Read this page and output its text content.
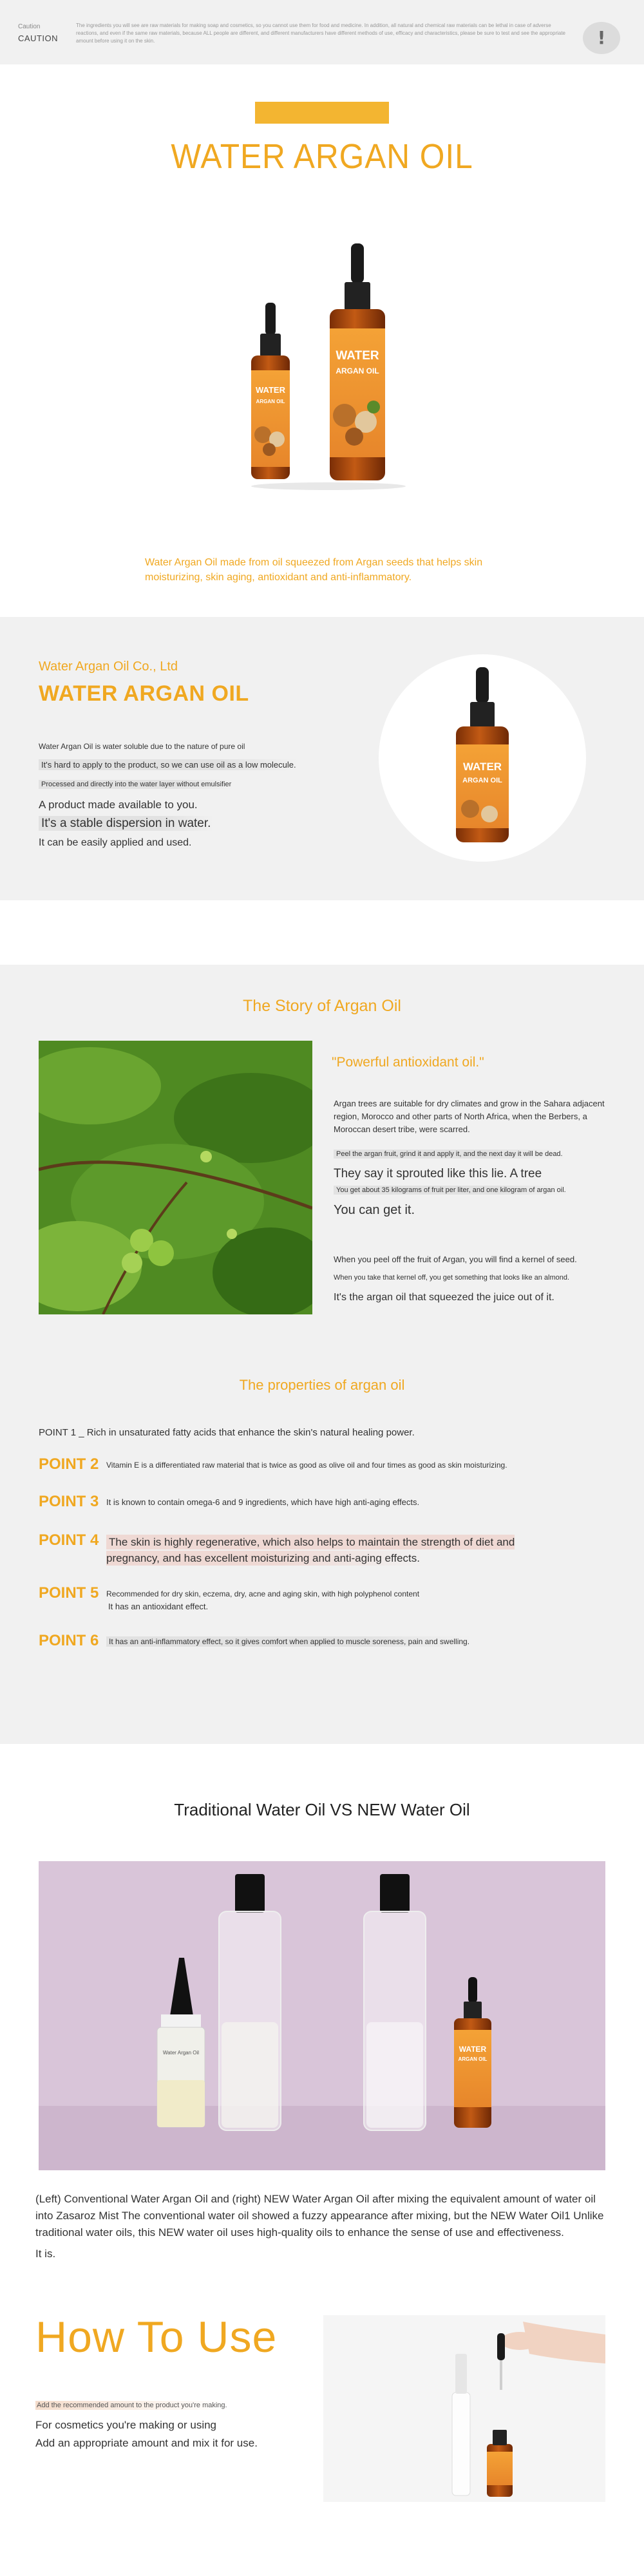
Caution
CAUTION
The ingredients you will see are raw materials for making soap and cosmetics, so you cannot use them for food and medicine. In addition, all natural and chemical raw materials can be lethal in case of adverse reactions, and even if the same raw materials, because ALL people are different, and different manufacturers have different methods of use, efficacy and characteristics, please be sure to test and see the appropriate amount before using it on the skin.	!
WATER ARGAN OIL
WATER
ARGAN OIL
WATER
ARGAN OIL
Water Argan Oil made from oil squeezed from Argan seeds that helps skin moisturizing, skin aging, antioxidant and anti-inflammatory.
Water Argan Oil Co., Ltd
WATER ARGAN OIL
Water Argan Oil is water soluble due to the nature of pure oil
It's hard to apply to the product, so we can use oil as a low molecule.
Processed and directly into the water layer without emulsifier
A product made available to you.
It's a stable dispersion in water.
It can be easily applied and used.
WATER
ARGAN OIL
The Story of Argan Oil
"Powerful antioxidant oil."
Argan trees are suitable for dry climates and grow in the Sahara adjacent region, Morocco and other parts of North Africa, when the Berbers, a Moroccan desert tribe, were scarred.
Peel the argan fruit, grind it and apply it, and the next day it will be dead.
They say it sprouted like this lie. A tree
You get about 35 kilograms of fruit per liter, and one kilogram of argan oil.
You can get it.
When you peel off the fruit of Argan, you will find a kernel of seed.
When you take that kernel off, you get something that looks like an almond.
It's the argan oil that squeezed the juice out of it.
The properties of argan oil
POINT 1 _ Rich in unsaturated fatty acids that enhance the skin's natural healing power.
POINT 2 Vitamin E is a differentiated raw material that is twice as good as olive oil and four times as good as skin moisturizing.
POINT 3 It is known to contain omega-6 and 9 ingredients, which have high anti-aging effects.
POINT 4 The skin is highly regenerative, which also helps to maintain the strength of diet and pregnancy, and has excellent moisturizing and anti-aging effects.
POINT 5 Recommended for dry skin, eczema, dry, acne and aging skin, with high polyphenol content
It has an antioxidant effect.
POINT 6	It has an anti-inflammatory effect, so it gives comfort when applied to muscle soreness, pain and swelling.
Traditional Water Oil VS NEW Water Oil
Water Argan Oil	WATER
ARGAN OIL
(Left) Conventional Water Argan Oil and (right) NEW Water Argan Oil after mixing the equivalent amount of water oil into Zasaroz Mist The conventional water oil showed a fuzzy appearance after mixing, but the NEW Water Oil1 Unlike traditional water oils, this NEW water oil uses high-quality oils to enhance the sense of use and effectiveness.
It is.
How To Use
Add the recommended amount to the product you're making.
For cosmetics you're making or using
Add an appropriate amount and mix it for use.
